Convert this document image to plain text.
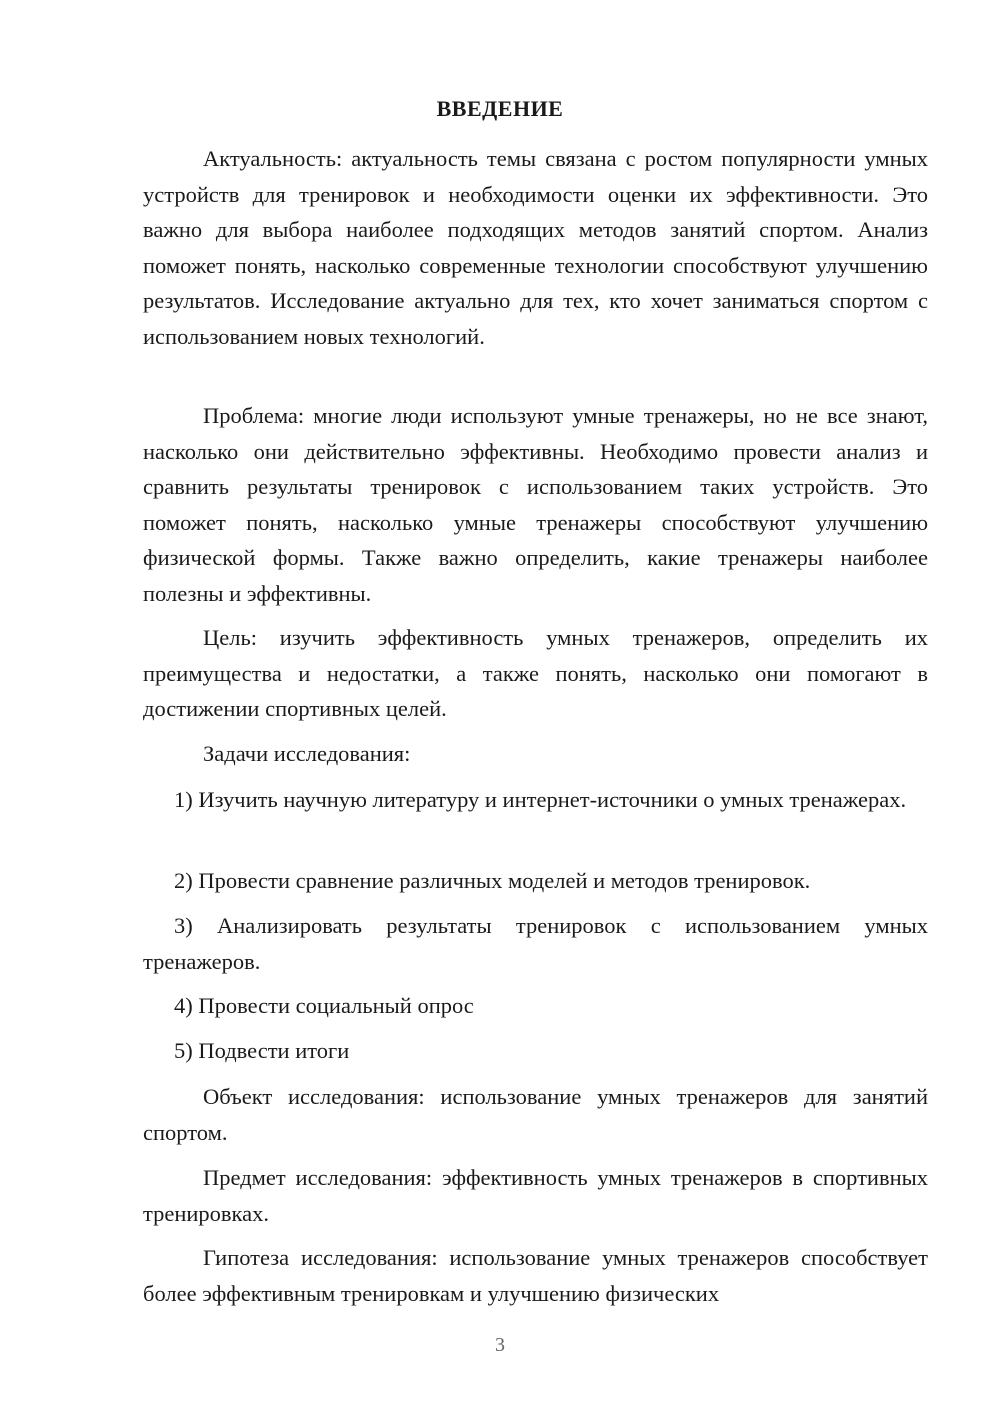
ВВЕДЕНИЕ

Актуальность: актуальность темы связана с ростом популярности умных устройств для тренировок и необходимости оценки их эффективности. Это важно для выбора наиболее подходящих методов занятий спортом. Анализ поможет понять, насколько современные технологии способствуют улучшению результатов. Исследование актуально для тех, кто хочет заниматься спортом с использованием новых технологий.

Проблема: многие люди используют умные тренажеры, но не все знают, насколько они действительно эффективны. Необходимо провести анализ и сравнить результаты тренировок с использованием таких устройств. Это поможет понять, насколько умные тренажеры способствуют улучшению физической формы. Также важно определить, какие тренажеры наиболее полезны и эффективны.

Цель: изучить эффективность умных тренажеров, определить их преимущества и недостатки, а также понять, насколько они помогают в достижении спортивных целей.

Задачи исследования:

1) Изучить научную литературу и интернет-источники о умных тренажерах.

2) Провести сравнение различных моделей и методов тренировок.

3) Анализировать результаты тренировок с использованием умных тренажеров.

4) Провести социальный опрос

5) Подвести итоги

Объект исследования: использование умных тренажеров для занятий спортом.

Предмет исследования: эффективность умных тренажеров в спортивных тренировках.

Гипотеза исследования: использование умных тренажеров способствует более эффективным тренировкам и улучшению физических

3
